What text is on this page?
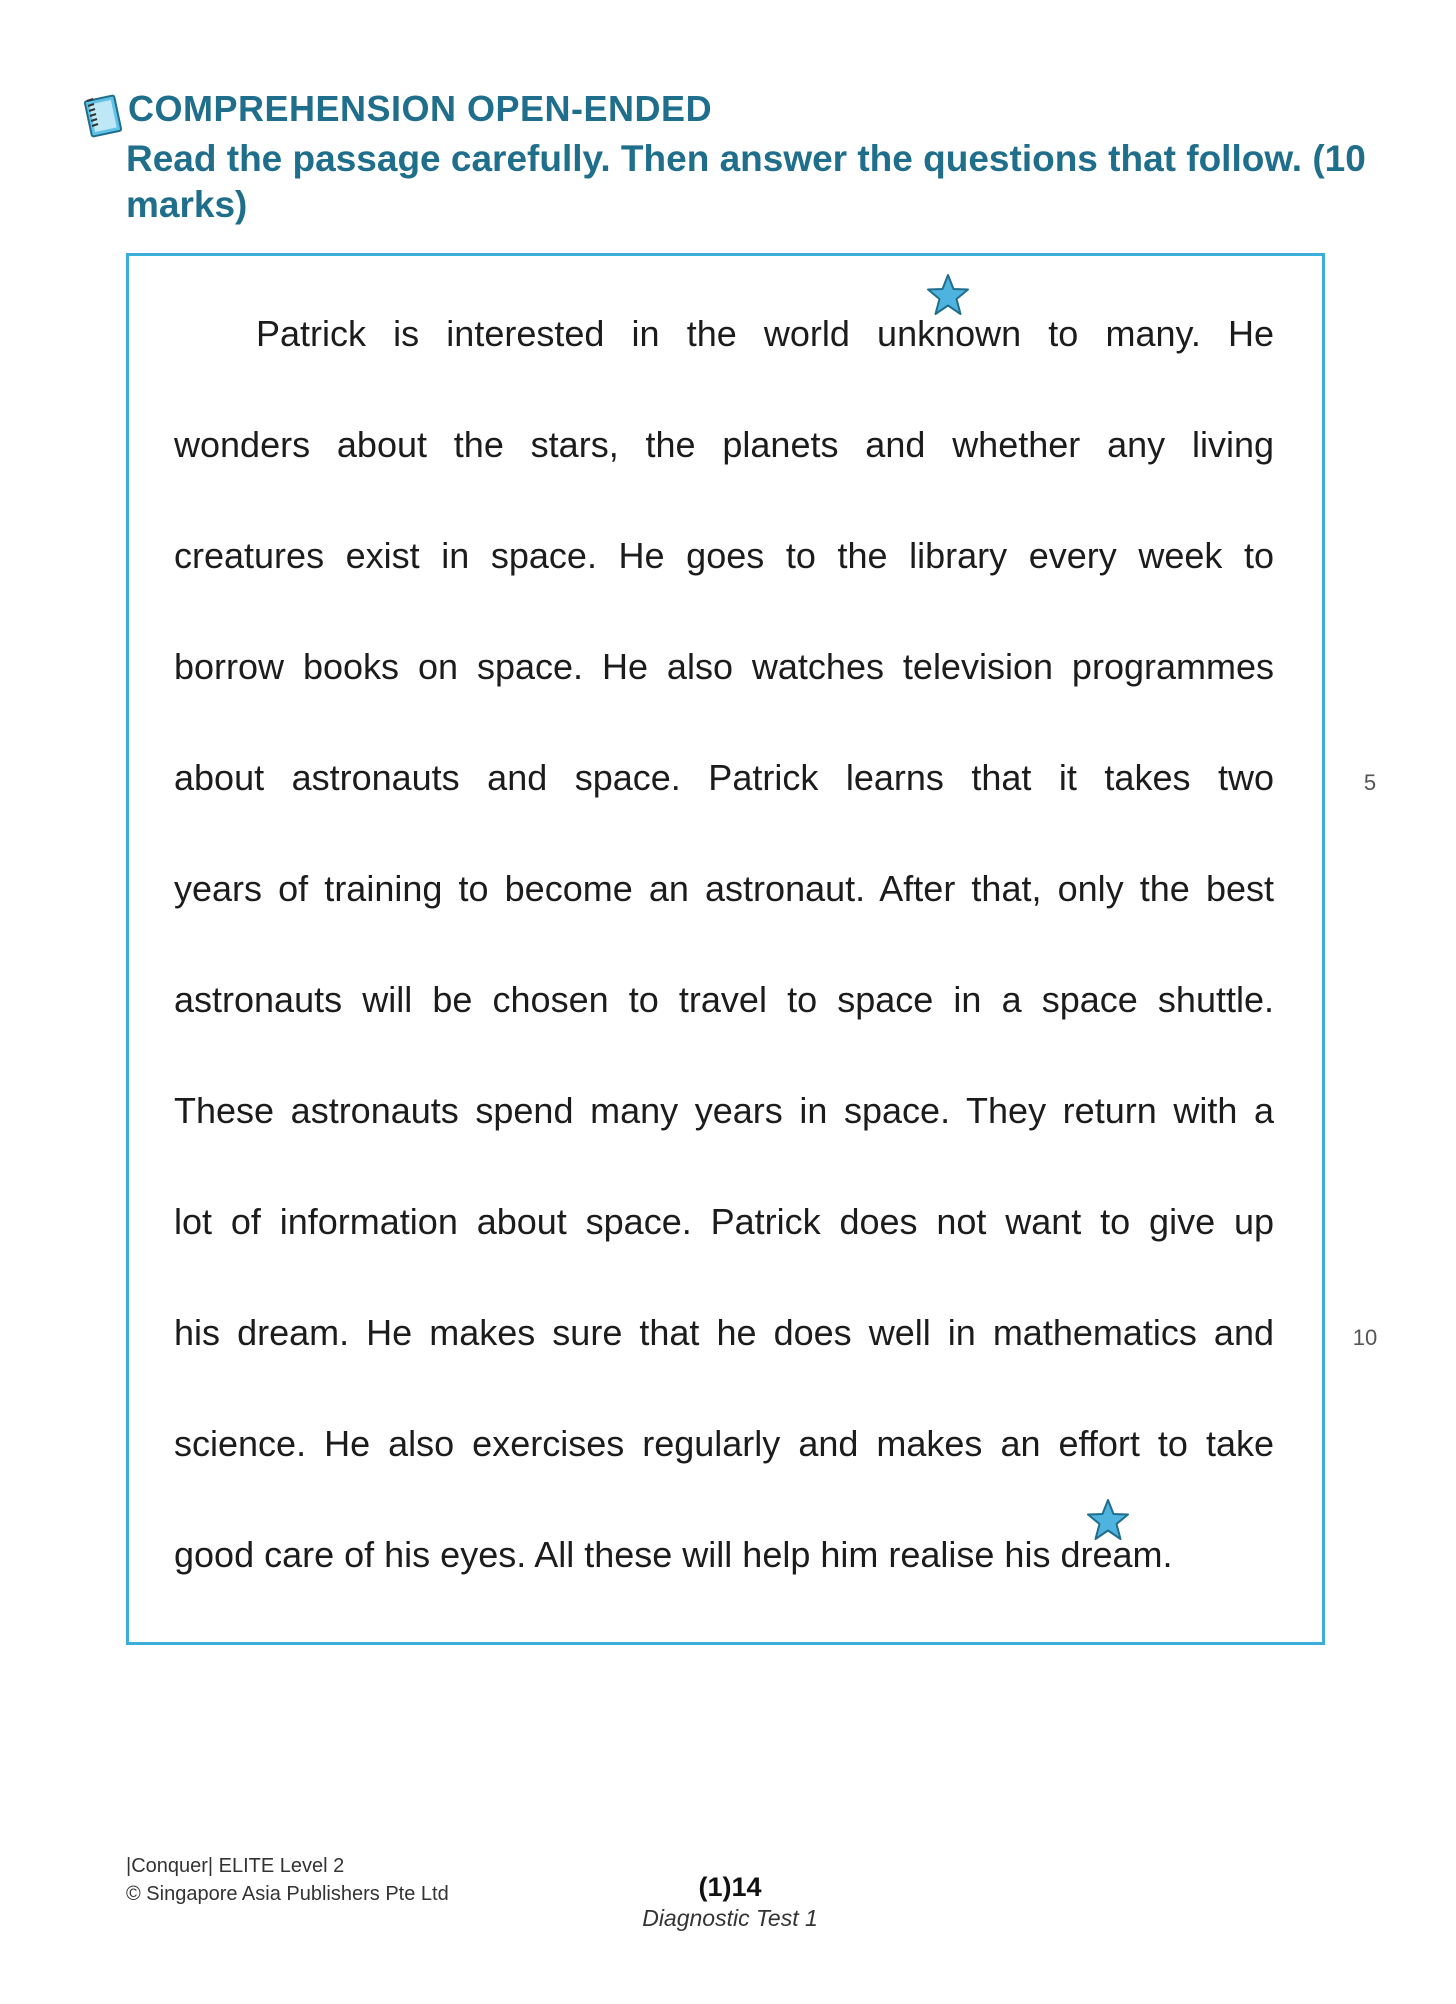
COMPREHENSION OPEN-ENDED
Read the passage carefully. Then answer the questions that follow. (10 marks)
Patrick is interested in the world unknown to many. He
wonders about the stars, the planets and whether any living
creatures exist in space. He goes to the library every week to
borrow books on space. He also watches television programmes
about astronauts and space. Patrick learns that it takes two
years of training to become an astronaut. After that, only the best
astronauts will be chosen to travel to space in a space shuttle.
These astronauts spend many years in space. They return with a
lot of information about space. Patrick does not want to give up
his dream. He makes sure that he does well in mathematics and
science. He also exercises regularly and makes an effort to take
good care of his eyes. All these will help him realise his dream.
5
10
|Conquer| ELITE Level 2
© Singapore Asia Publishers Pte Ltd	(1)14
Diagnostic Test 1
